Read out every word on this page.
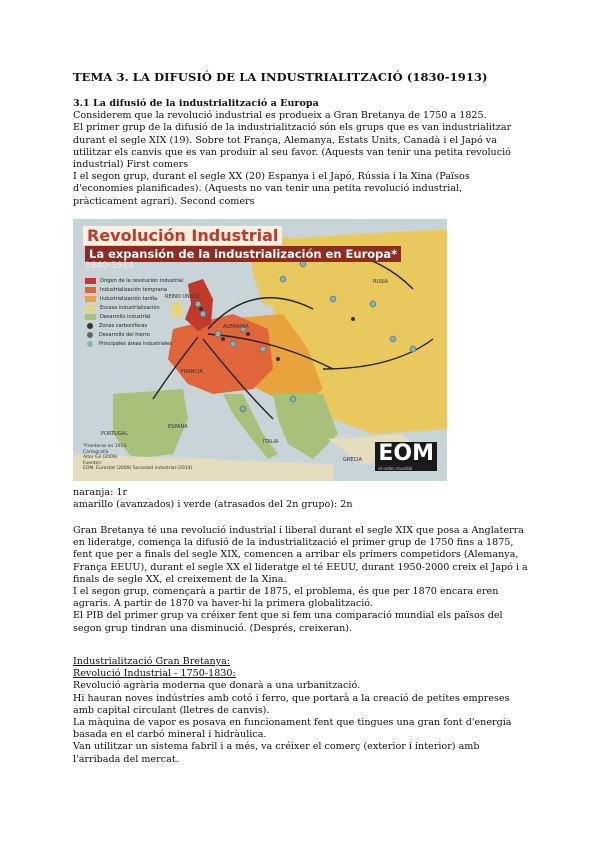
TEMA 3. LA DIFUSIÓ DE LA INDUSTRIALITZACIÓ (1830-1913)

3.1 La difusió de la industrialització a Europa

Considerem que la revolució industrial es produeix a Gran Bretanya de 1750 a 1825.

El primer grup de la difusió de la industrialització són els grups que es van industrialitzar durant el segle XIX (19). Sobre tot França, Alemanya, Estats Units, Canadà i el Japó va utilitzar els canvis que es van produir al seu favor. (Aquests van tenir una petita revolució industrial) First comers

I el segon grup, durant el segle XX (20) Espanya i el Japó, Rússia i la Xina (Països d'economies planificades). (Aquests no van tenir una petita revolució industrial, pràcticament agrari). Second comers

Revolución Industrial
La expansión de la industrialización en Europa*
1840-1914
Origen de la revolución industrial
Industrialización temprana
Industrialización tardía
Escasa industrialización
Desarrollo industrial
Zonas carboníferas
Desarrollo del hierro
Principales áreas industriales
REINO UNIDO
FRANCIA
ALEMANIA
RUSIA
PORTUGAL
ESPAÑA
ITALIA
GRECIA
*Fronteras en 1914
Cartografía
Aitor Gil (2009)
Fuentes:
EOM, Eurostat (2009) Sociedad industrial (2014)
EOM
el orden mundial

naranja: 1r

amarillo (avanzados) i verde (atrasados del 2n grupo): 2n

Gran Bretanya té una revolució industrial i liberal durant el segle XIX que posa a Anglaterra en lideratge, comença la difusió de la industrialització el primer grup de 1750 fins a 1875, fent que per a finals del segle XIX, comencen a arribar els primers competidors (Alemanya, França EEUU), durant el segle XX el lideratge el té EEUU, durant 1950-2000 creix el Japó i a finals de segle XX, el creixement de la Xina.

I el segon grup, començarà a partir de 1875, el problema, és que per 1870 encara eren agraris. A partir de 1870 va haver-hi la primera globalització.

El PIB del primer grup va créixer fent que si fem una comparació mundial els països del segon grup tindran una disminució. (Després, creixeran).

Industrialització Gran Bretanya:

Revolució Industrial - 1750-1830:

Revolució agrària moderna que donarà a una urbanització.

Hi hauran noves indústries amb cotó i ferro, que portarà a la creació de petites empreses amb capital circulant (lletres de canvis).

La màquina de vapor es posava en funcionament fent que tingues una gran font d'energia basada en el carbó mineral i hidràulica.

Van utilitzar un sistema fabril i a més, va créixer el comerç (exterior i interior) amb l'arribada del mercat.
